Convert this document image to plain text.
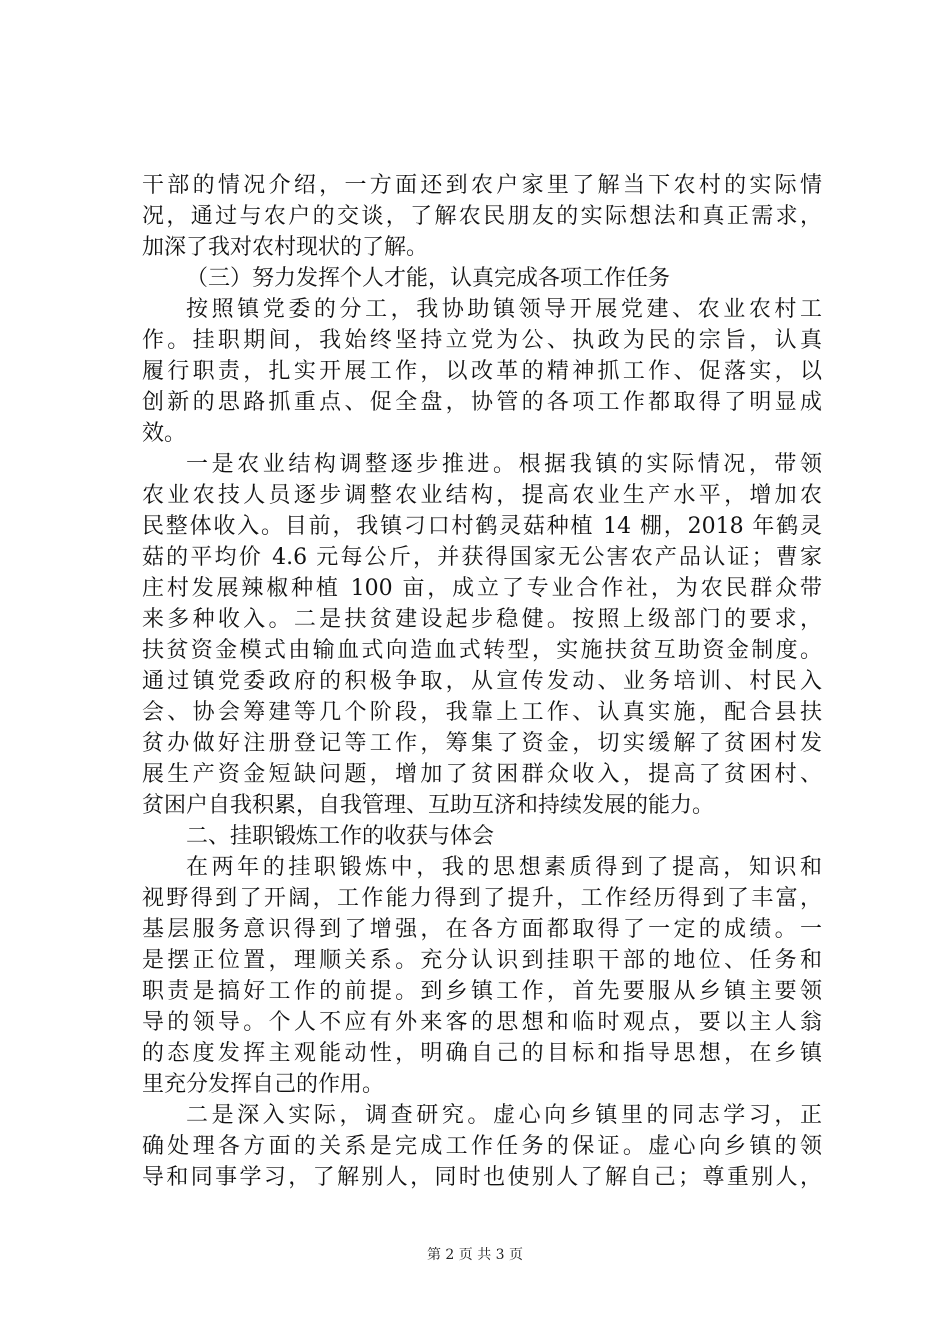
干部的情况介绍，一方面还到农户家里了解当下农村的实际情
况，通过与农户的交谈，了解农民朋友的实际想法和真正需求，
加深了我对农村现状的了解。
（三）努力发挥个人才能，认真完成各项工作任务
按照镇党委的分工，我协助镇领导开展党建、农业农村工
作。挂职期间，我始终坚持立党为公、执政为民的宗旨，认真
履行职责，扎实开展工作，以改革的精神抓工作、促落实，以
创新的思路抓重点、促全盘，协管的各项工作都取得了明显成
效。
一是农业结构调整逐步推进。根据我镇的实际情况，带领
农业农技人员逐步调整农业结构，提高农业生产水平，增加农
民整体收入。目前，我镇刁口村鹤灵菇种植 14 棚，2018 年鹤灵
菇的平均价 4.6 元每公斤，并获得国家无公害农产品认证；曹家
庄村发展辣椒种植 100 亩，成立了专业合作社，为农民群众带
来多种收入。二是扶贫建设起步稳健。按照上级部门的要求，
扶贫资金模式由输血式向造血式转型，实施扶贫互助资金制度。
通过镇党委政府的积极争取，从宣传发动、业务培训、村民入
会、协会筹建等几个阶段，我靠上工作、认真实施，配合县扶
贫办做好注册登记等工作，筹集了资金，切实缓解了贫困村发
展生产资金短缺问题，增加了贫困群众收入，提高了贫困村、
贫困户自我积累，自我管理、互助互济和持续发展的能力。
二、挂职锻炼工作的收获与体会
在两年的挂职锻炼中，我的思想素质得到了提高，知识和
视野得到了开阔，工作能力得到了提升，工作经历得到了丰富，
基层服务意识得到了增强，在各方面都取得了一定的成绩。一
是摆正位置，理顺关系。充分认识到挂职干部的地位、任务和
职责是搞好工作的前提。到乡镇工作，首先要服从乡镇主要领
导的领导。个人不应有外来客的思想和临时观点，要以主人翁
的态度发挥主观能动性，明确自己的目标和指导思想，在乡镇
里充分发挥自己的作用。
二是深入实际，调查研究。虚心向乡镇里的同志学习，正
确处理各方面的关系是完成工作任务的保证。虚心向乡镇的领
导和同事学习，了解别人，同时也使别人了解自己；尊重别人，
第 2 页 共 3 页
